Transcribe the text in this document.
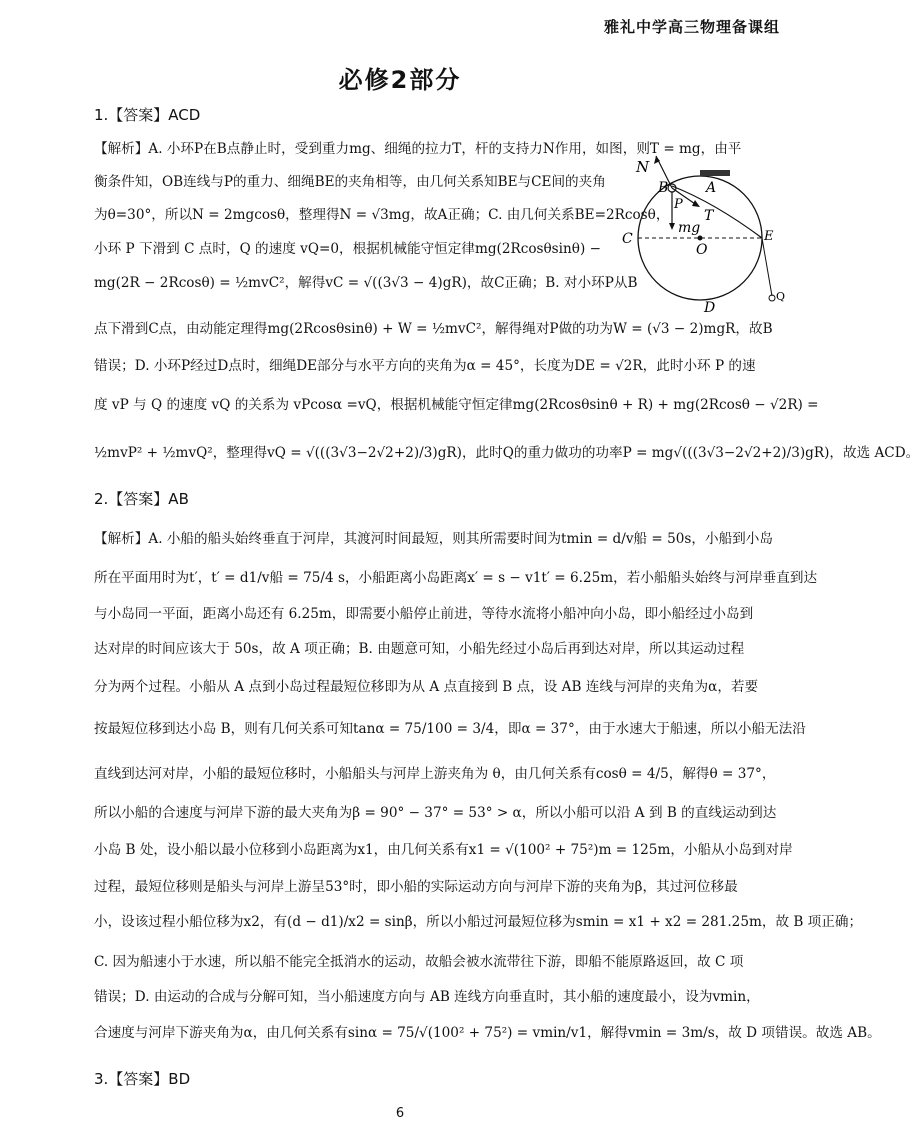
雅礼中学高三物理备课组
必修2部分
1.【答案】ACD
【解析】A. 小环P在B点静止时，受到重力mg、细绳的拉力T，杆的支持力N作用，如图，则T = mg，由平
衡条件知，OB连线与P的重力、细绳BE的夹角相等，由几何关系知BE与CE间的夹角
为θ=30°，所以N = 2mgcosθ，整理得N = √3mg，故A正确；C. 由几何关系BE=2Rcosθ，
小环 P 下滑到 C 点时，Q 的速度 vQ=0，根据机械能守恒定律mg(2Rcosθsinθ) −
mg(2R − 2Rcosθ) = ½mvC²，解得vC = √((3√3 − 4)gR)，故C正确；B. 对小环P从B
点下滑到C点，由动能定理得mg(2Rcosθsinθ) + W = ½mvC²，解得绳对P做的功为W = (√3 − 2)mgR，故B
错误；D. 小环P经过D点时，细绳DE部分与水平方向的夹角为α = 45°，长度为DE = √2R，此时小环 P 的速
度 vP 与 Q 的速度 vQ 的关系为 vPcosα =vQ，根据机械能守恒定律mg(2Rcosθsinθ + R) + mg(2Rcosθ − √2R) =
½mvP² + ½mvQ²，整理得vQ = √(((3√3−2√2+2)/3)gR)，此时Q的重力做功的功率P = mg√(((3√3−2√2+2)/3)gR)，故选 ACD。
2.【答案】AB
【解析】A. 小船的船头始终垂直于河岸，其渡河时间最短，则其所需要时间为tmin = d/v船 = 50s，小船到小岛
所在平面用时为t′，t′ = d1/v船 = 75/4 s，小船距离小岛距离x′ = s − v1t′ = 6.25m，若小船船头始终与河岸垂直到达
与小岛同一平面，距离小岛还有 6.25m，即需要小船停止前进，等待水流将小船冲向小岛，即小船经过小岛到
达对岸的时间应该大于 50s，故 A 项正确；B. 由题意可知，小船先经过小岛后再到达对岸，所以其运动过程
分为两个过程。小船从 A 点到小岛过程最短位移即为从 A 点直接到 B 点，设 AB 连线与河岸的夹角为α，若要
按最短位移到达小岛 B，则有几何关系可知tanα = 75/100 = 3/4，即α = 37°，由于水速大于船速，所以小船无法沿
直线到达河对岸，小船的最短位移时，小船船头与河岸上游夹角为 θ，由几何关系有cosθ = 4/5，解得θ = 37°，
所以小船的合速度与河岸下游的最大夹角为β = 90° − 37° = 53° > α，所以小船可以沿 A 到 B 的直线运动到达
小岛 B 处，设小船以最小位移到小岛距离为x1，由几何关系有x1 = √(100² + 75²)m = 125m，小船从小岛到对岸
过程，最短位移则是船头与河岸上游呈53°时，即小船的实际运动方向与河岸下游的夹角为β，其过河位移最
小，设该过程小船位移为x2，有(d − d1)/x2 = sinβ，所以小船过河最短位移为smin = x1 + x2 = 281.25m，故 B 项正确；
C. 因为船速小于水速，所以船不能完全抵消水的运动，故船会被水流带往下游，即船不能原路返回，故 C 项
错误；D. 由运动的合成与分解可知，当小船速度方向与 AB 连线方向垂直时，其小船的速度最小，设为vmin，
合速度与河岸下游夹角为α，由几何关系有sinα = 75/√(100² + 75²) = vmin/v1，解得vmin = 3m/s，故 D 项错误。故选 AB。
3.【答案】BD
N
B	A
P
T
mg
C
O
E
D
Q
6
